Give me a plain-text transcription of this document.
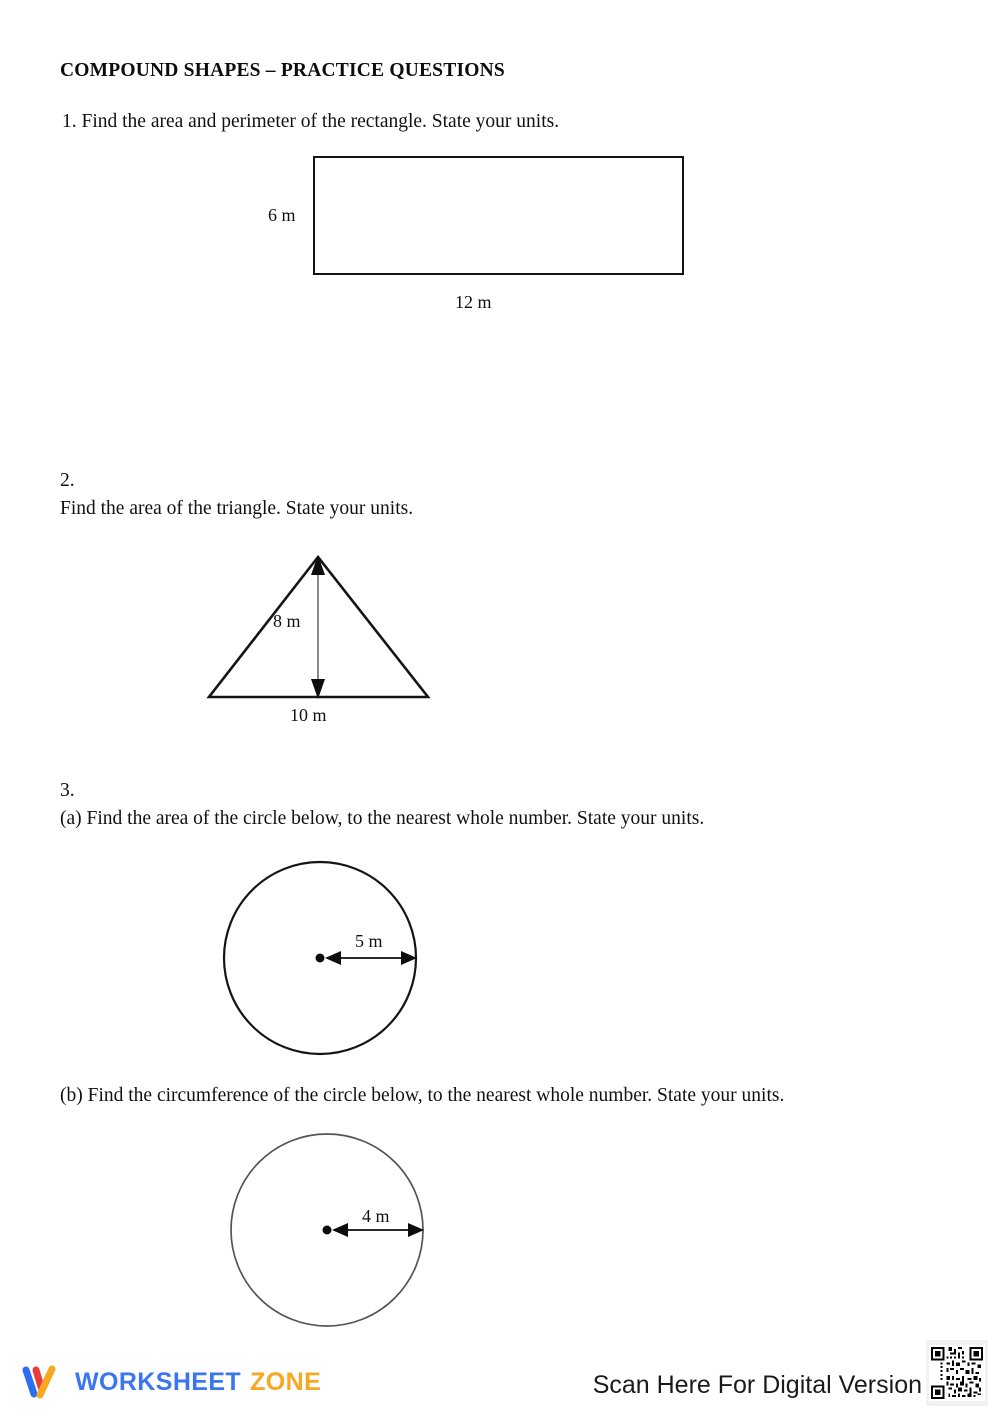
COMPOUND SHAPES – PRACTICE QUESTIONS
1. Find the area and perimeter of the rectangle. State your units.
6 m
12 m
2.
Find the area of the triangle. State your units.
8 m
10 m
3.
(a) Find the area of the circle below, to the nearest whole number. State your units.
5 m
(b) Find the circumference of the circle below, to the nearest whole number. State your units.
4 m
WORKSHEET ZONE	Scan Here For Digital Version
